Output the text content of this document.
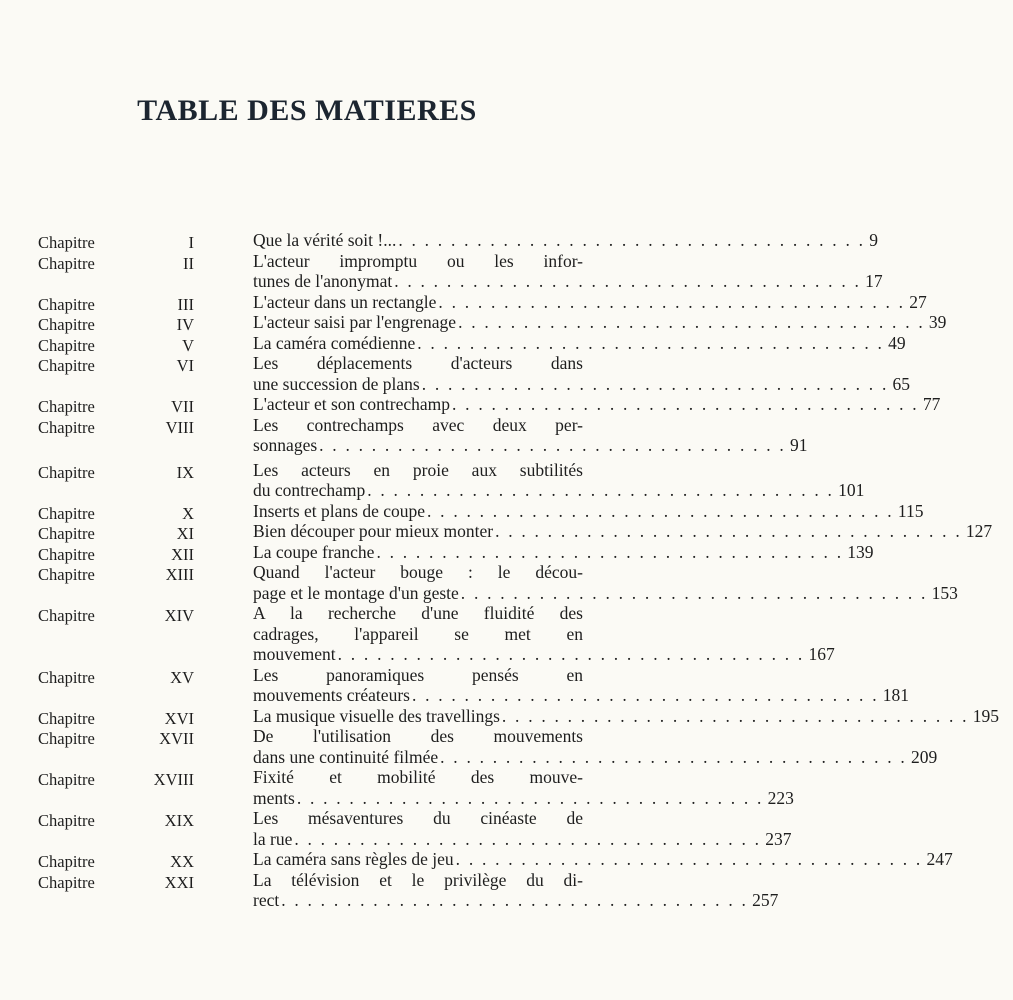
TABLE DES MATIERES
Chapitre	I	Que la vérité soit !... . . . . . . . . . . . . . . . . . . . . . . . . . . . . . . . . . . . . 9
Chapitre	II	L'acteur impromptu ou les infor-
tunes de l'anonymat . . . . . . . . . . . . . . . . . . . . . . . . . . . . . . . . . . . . 17
Chapitre	III	L'acteur dans un rectangle . . . . . . . . . . . . . . . . . . . . . . . . . . . . . . . . . . . . 27
Chapitre	IV	L'acteur saisi par l'engrenage . . . . . . . . . . . . . . . . . . . . . . . . . . . . . . . . . . . . 39
Chapitre	V	La caméra comédienne . . . . . . . . . . . . . . . . . . . . . . . . . . . . . . . . . . . . 49
Chapitre	VI	Les déplacements d'acteurs dans
une succession de plans . . . . . . . . . . . . . . . . . . . . . . . . . . . . . . . . . . . . 65
Chapitre	VII	L'acteur et son contrechamp . . . . . . . . . . . . . . . . . . . . . . . . . . . . . . . . . . . . 77
Chapitre	VIII	Les contrechamps avec deux per-
sonnages . . . . . . . . . . . . . . . . . . . . . . . . . . . . . . . . . . . . 91
Chapitre	IX	Les acteurs en proie aux subtilités
du contrechamp . . . . . . . . . . . . . . . . . . . . . . . . . . . . . . . . . . . . 101
Chapitre	X	Inserts et plans de coupe . . . . . . . . . . . . . . . . . . . . . . . . . . . . . . . . . . . . 115
Chapitre	XI	Bien découper pour mieux monter . . . . . . . . . . . . . . . . . . . . . . . . . . . . . . . . . . . . 127
Chapitre	XII	La coupe franche . . . . . . . . . . . . . . . . . . . . . . . . . . . . . . . . . . . . 139
Chapitre	XIII	Quand l'acteur bouge : le décou-
page et le montage d'un geste . . . . . . . . . . . . . . . . . . . . . . . . . . . . . . . . . . . . 153
Chapitre	XIV	A la recherche d'une fluidité des
cadrages, l'appareil se met en
mouvement . . . . . . . . . . . . . . . . . . . . . . . . . . . . . . . . . . . . 167
Chapitre	XV	Les panoramiques pensés en
mouvements créateurs . . . . . . . . . . . . . . . . . . . . . . . . . . . . . . . . . . . . 181
Chapitre	XVI	La musique visuelle des travellings . . . . . . . . . . . . . . . . . . . . . . . . . . . . . . . . . . . . 195
Chapitre	XVII	De l'utilisation des mouvements
dans une continuité filmée . . . . . . . . . . . . . . . . . . . . . . . . . . . . . . . . . . . . 209
Chapitre	XVIII	Fixité et mobilité des mouve-
ments . . . . . . . . . . . . . . . . . . . . . . . . . . . . . . . . . . . . 223
Chapitre	XIX	Les mésaventures du cinéaste de
la rue . . . . . . . . . . . . . . . . . . . . . . . . . . . . . . . . . . . . 237
Chapitre	XX	La caméra sans règles de jeu . . . . . . . . . . . . . . . . . . . . . . . . . . . . . . . . . . . . 247
Chapitre	XXI	La télévision et le privilège du di-
rect . . . . . . . . . . . . . . . . . . . . . . . . . . . . . . . . . . . . 257
